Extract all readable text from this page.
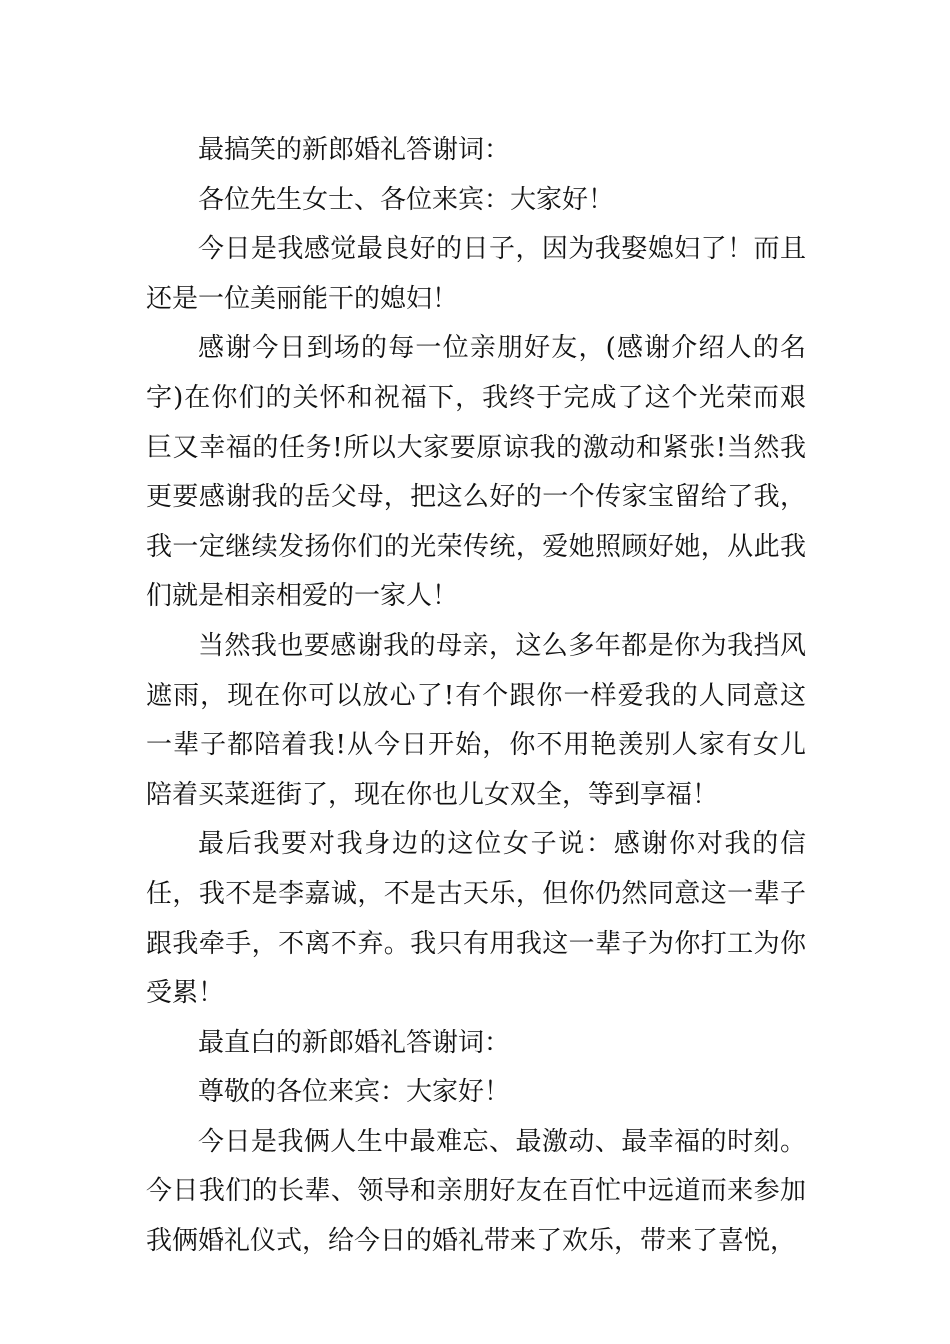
最搞笑的新郎婚礼答谢词：

各位先生女士、各位来宾：大家好！

今日是我感觉最良好的日子，因为我娶媳妇了！而且还是一位美丽能干的媳妇！

感谢今日到场的每一位亲朋好友，(感谢介绍人的名字)在你们的关怀和祝福下，我终于完成了这个光荣而艰巨又幸福的任务!所以大家要原谅我的激动和紧张!当然我更要感谢我的岳父母，把这么好的一个传家宝留给了我，我一定继续发扬你们的光荣传统，爱她照顾好她，从此我们就是相亲相爱的一家人！

当然我也要感谢我的母亲，这么多年都是你为我挡风遮雨，现在你可以放心了!有个跟你一样爱我的人同意这一辈子都陪着我!从今日开始，你不用艳羡别人家有女儿陪着买菜逛街了，现在你也儿女双全，等到享福！

最后我要对我身边的这位女子说：感谢你对我的信任，我不是李嘉诚，不是古天乐，但你仍然同意这一辈子跟我牵手，不离不弃。我只有用我这一辈子为你打工为你受累！

最直白的新郎婚礼答谢词：

尊敬的各位来宾：大家好！

今日是我俩人生中最难忘、最激动、最幸福的时刻。今日我们的长辈、领导和亲朋好友在百忙中远道而来参加我俩婚礼仪式，给今日的婚礼带来了欢乐，带来了喜悦，
